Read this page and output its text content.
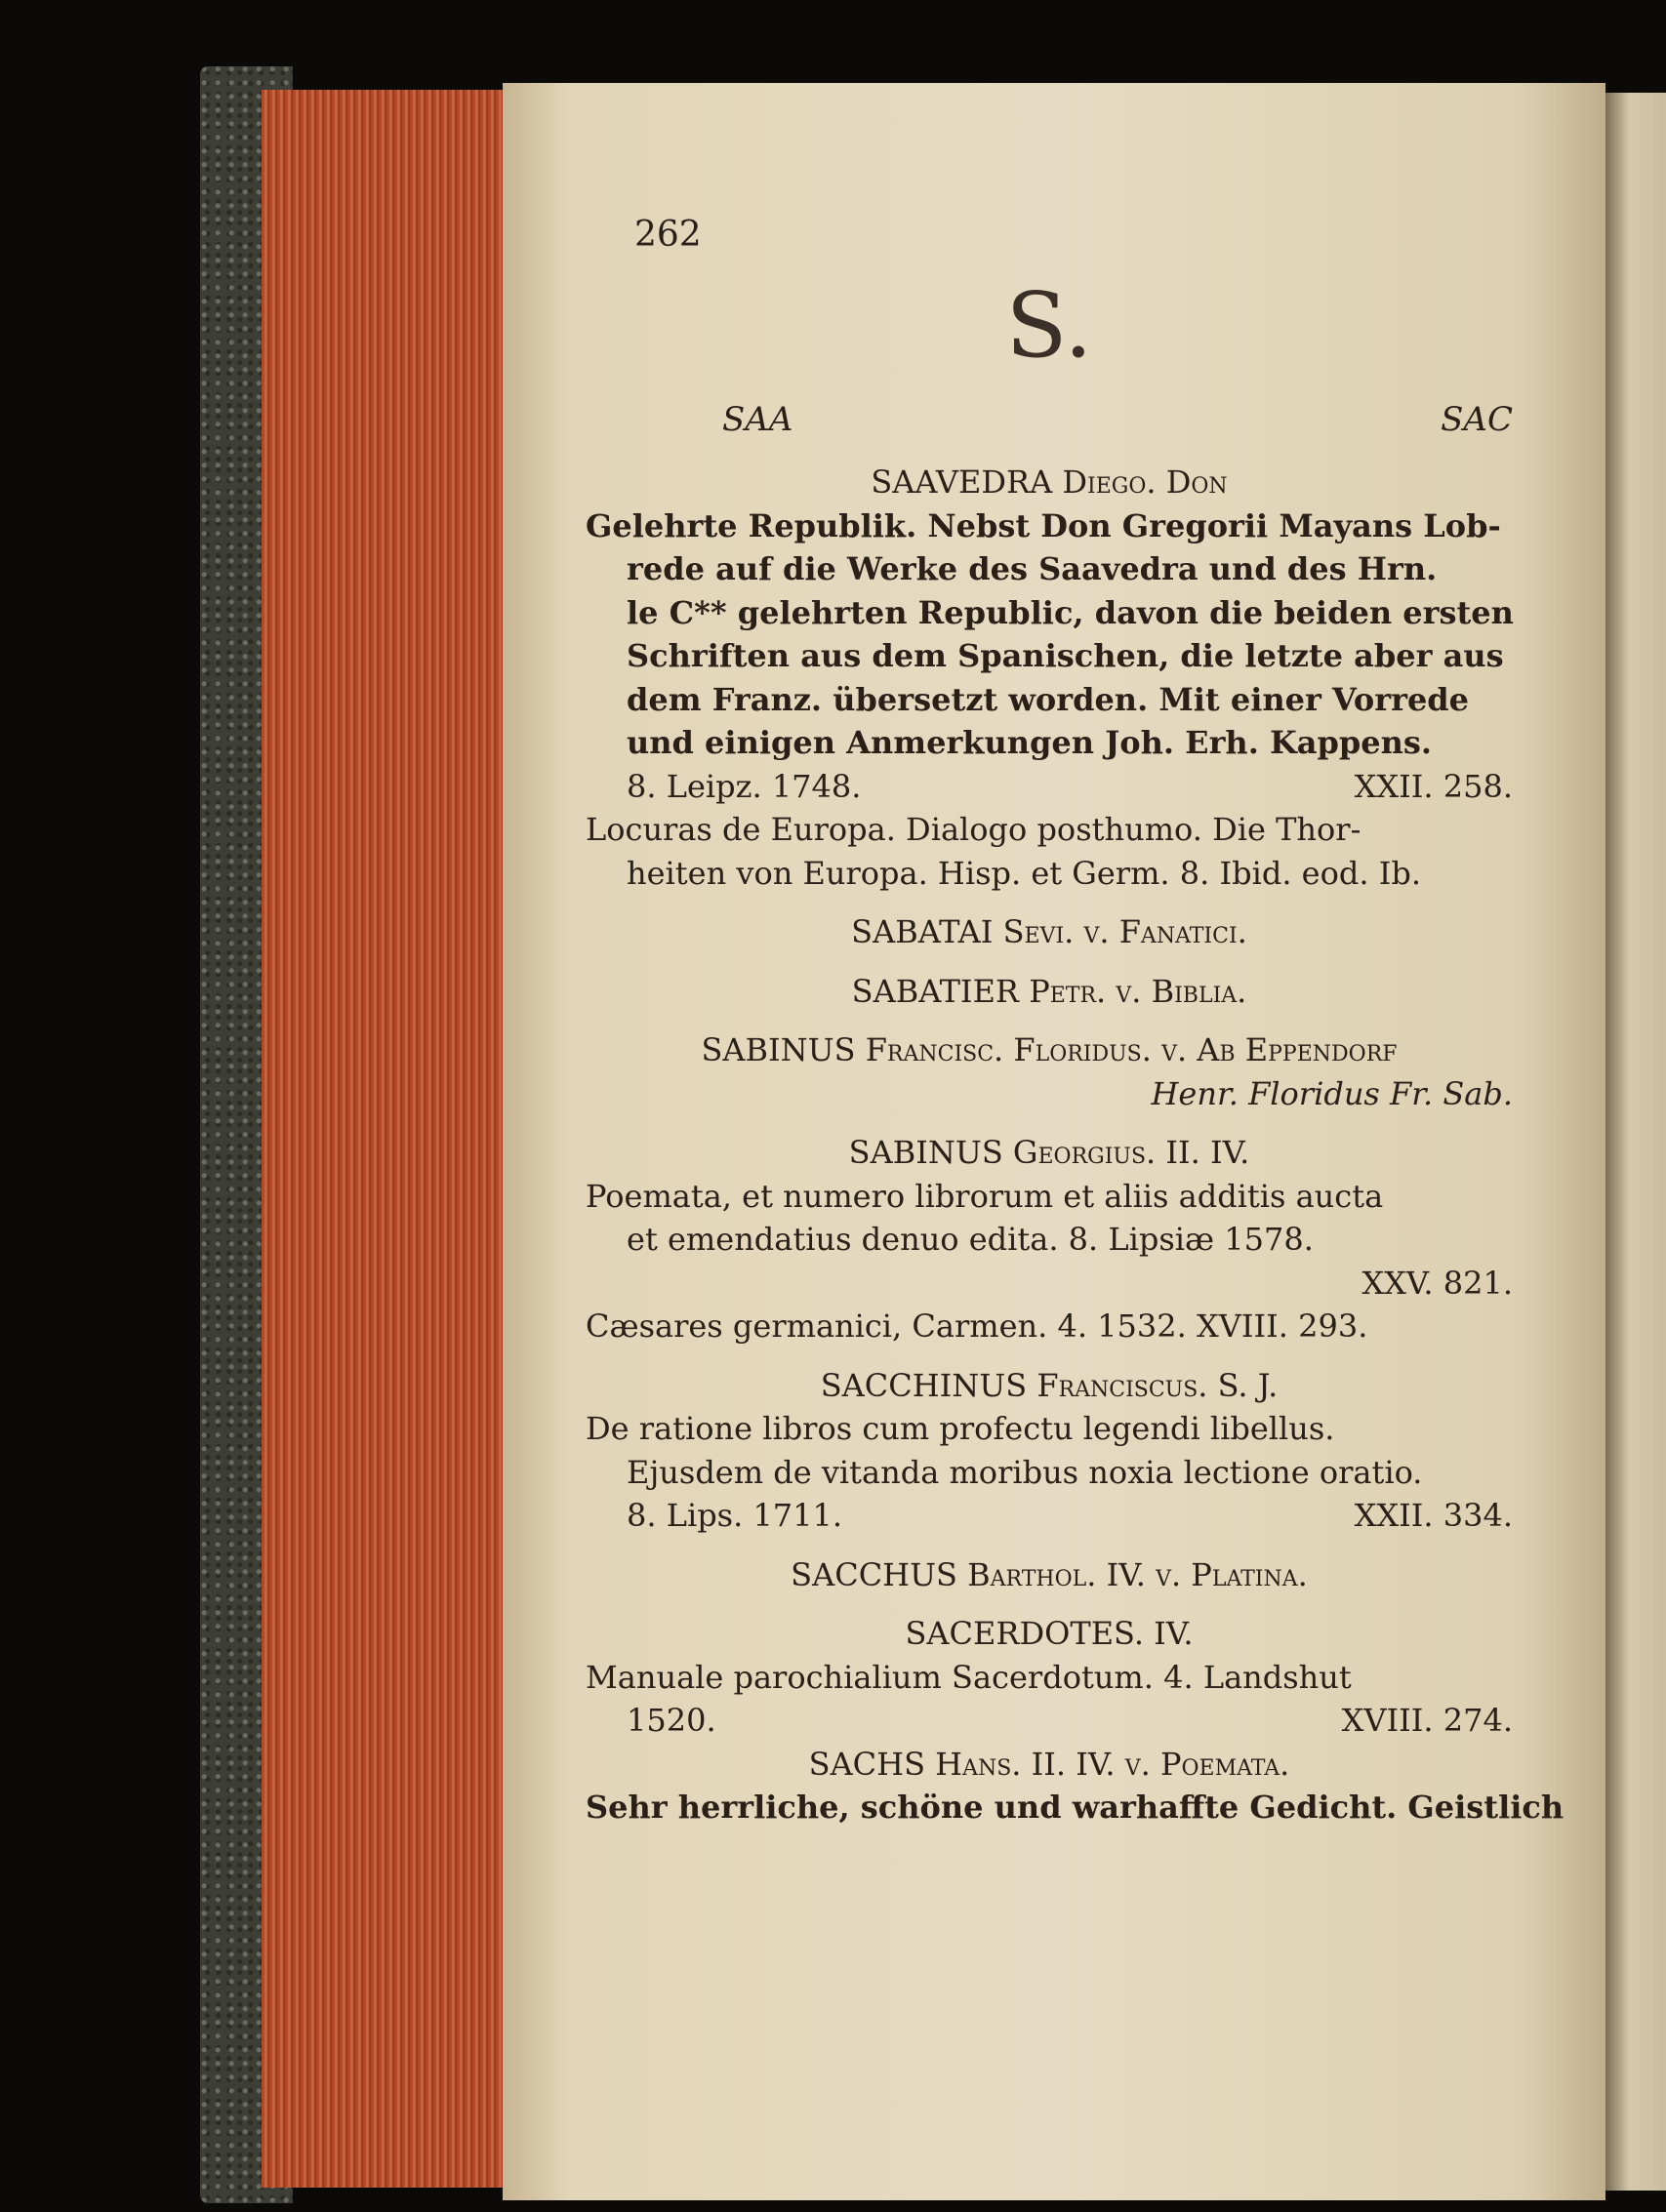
262
S.
SAA	SAC
SAAVEDRA Diego. Don
Gelehrte Republik. Nebst Don Gregorii Mayans Lob-
rede auf die Werke des Saavedra und des Hrn.
le C** gelehrten Republic, davon die beiden ersten
Schriften aus dem Spanischen, die letzte aber aus
dem Franz. übersetzt worden. Mit einer Vorrede
und einigen Anmerkungen Joh. Erh. Kappens.
8. Leipz. 1748.	XXII. 258.
Locuras de Europa. Dialogo posthumo. Die Thor-
heiten von Europa. Hisp. et Germ. 8. Ibid. eod. Ib.
SABATAI Sevi. v. Fanatici.
SABATIER Petr. v. Biblia.
SABINUS Francisc. Floridus. v. Ab Eppendorf
Henr. Floridus Fr. Sab.
SABINUS Georgius. II. IV.
Poemata, et numero librorum et aliis additis aucta
et emendatius denuo edita. 8. Lipsiæ 1578.
XXV. 821.
Cæsares germanici, Carmen. 4. 1532. XVIII. 293.
SACCHINUS Franciscus. S. J.
De ratione libros cum profectu legendi libellus.
Ejusdem de vitanda moribus noxia lectione oratio.
8. Lips. 1711.	XXII. 334.
SACCHUS Barthol. IV. v. Platina.
SACERDOTES. IV.
Manuale parochialium Sacerdotum. 4. Landshut
1520.	XVIII. 274.
SACHS Hans. II. IV. v. Poemata.
Sehr herrliche, schöne und warhaffte Gedicht. Geistlich
